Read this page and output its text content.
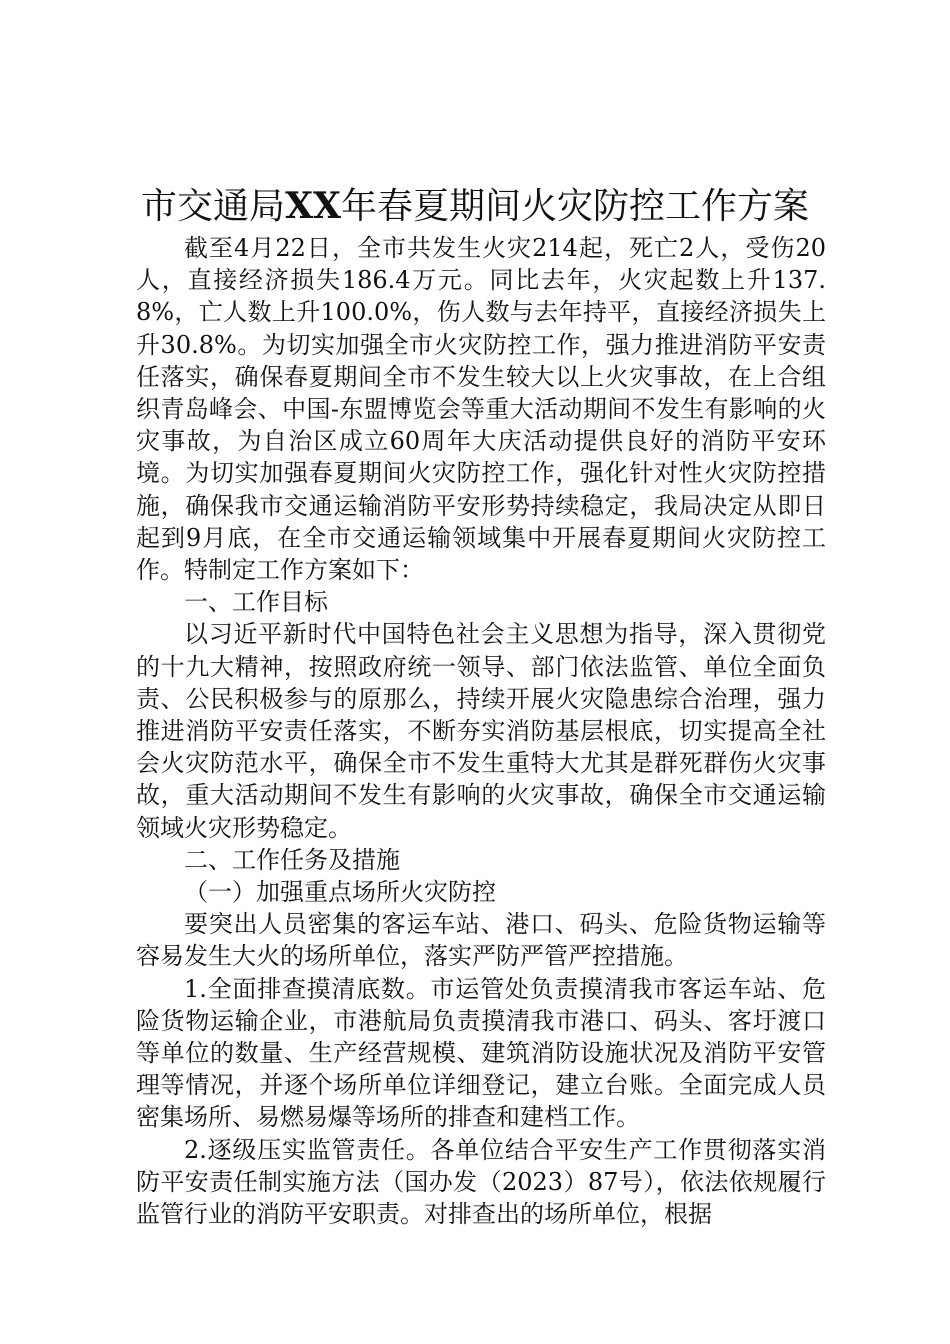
市交通局XX年春夏期间火灾防控工作方案

截至4月22日，全市共发生火灾214起，死亡2人，受伤20人，直接经济损失186.4万元。同比去年，火灾起数上升137.8%，亡人数上升100.0%，伤人数与去年持平，直接经济损失上升30.8%。为切实加强全市火灾防控工作，强力推进消防平安责任落实，确保春夏期间全市不发生较大以上火灾事故，在上合组织青岛峰会、中国-东盟博览会等重大活动期间不发生有影响的火灾事故，为自治区成立60周年大庆活动提供良好的消防平安环境。为切实加强春夏期间火灾防控工作，强化针对性火灾防控措施，确保我市交通运输消防平安形势持续稳定，我局决定从即日起到9月底，在全市交通运输领域集中开展春夏期间火灾防控工作。特制定工作方案如下：

一、工作目标

以习近平新时代中国特色社会主义思想为指导，深入贯彻党的十九大精神，按照政府统一领导、部门依法监管、单位全面负责、公民积极参与的原那么，持续开展火灾隐患综合治理，强力推进消防平安责任落实，不断夯实消防基层根底，切实提高全社会火灾防范水平，确保全市不发生重特大尤其是群死群伤火灾事故，重大活动期间不发生有影响的火灾事故，确保全市交通运输领域火灾形势稳定。

二、工作任务及措施

（一）加强重点场所火灾防控

要突出人员密集的客运车站、港口、码头、危险货物运输等容易发生大火的场所单位，落实严防严管严控措施。

1.全面排查摸清底数。市运管处负责摸清我市客运车站、危险货物运输企业，市港航局负责摸清我市港口、码头、客圩渡口等单位的数量、生产经营规模、建筑消防设施状况及消防平安管理等情况，并逐个场所单位详细登记，建立台账。全面完成人员密集场所、易燃易爆等场所的排查和建档工作。

2.逐级压实监管责任。各单位结合平安生产工作贯彻落实消防平安责任制实施方法（国办发（2023）87号），依法依规履行监管行业的消防平安职责。对排查出的场所单位，根据
